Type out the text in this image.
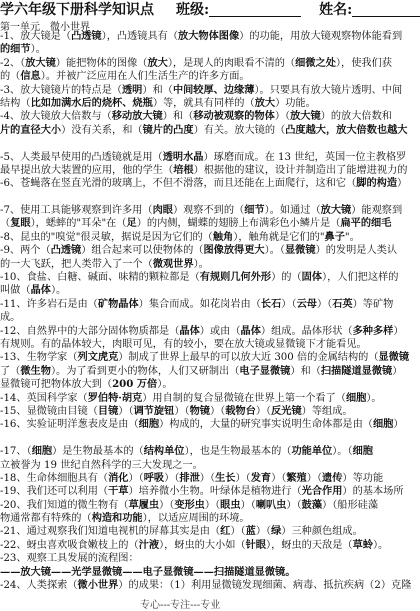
学六年级下册科学知识点 班级:	姓名:
第一单元　微小世界
-1、放大镜是（凸透镜），凸透镜具有（放大物体图像）的功能，用放大镜观察物体能看到
的细节）。
-2、（放大镜）能把物体的图像（放大），是现人的肉眼看不清的（细微之处），使我们获
的（信息）。并被广泛应用在人们生活生产的许多方面。
-3、放大镜镜片的特点是（透明）和（中间较厚、边缘薄）。只要具有放大镜片透明、中间
结构（比如加满水后的烧杯、烧瓶）等，就具有同样的（放大）功能。
-4、放大镜放大倍数与（移动放大镜）和（移动被观察的物体）（放大镜）的放大倍数和
片的直径大小）没有关系，和（镜片的凸度）有关。放大镜的（凸度越大，放大倍数也越大
-5、人类最早使用的凸透镜就是用（透明水晶）琢磨而成。在 13 世纪，英国一位主教格罗
最早提出放大装置的应用，他的学生（培根）根据他的建议，设计并制造出了能增进视力的
-6、苍蝇落在竖直光滑的玻璃上，不但不滑落，而且还能在上面爬行，这和它（脚的构造）
-7、使用工具能够观察到许多用（肉眼）观察不到的（细节）。如通过（放大镜）能观察到
（复眼），蟋蟀的"耳朵"在（足）的内侧，蝴蝶的翅膀上布满彩色小鳞片是（扁平的细毛
-8、昆虫的"嗅觉"很灵敏，据说是因为它们的（触角），触角就是它们的"鼻子"。
-9、两个（凸透镜）组合起来可以使物体的（图像放得更大）。（显微镜）的发明是人类认
的一大飞跃，把人类带入了一个（微观世界）。
-10、食盐、白糖、碱面、味精的颗粒都是（有规则几何外形）的（固体），人们把这样的
叫做（晶体）。
-11、许多岩石是由（矿物晶体）集合而成。如花岗岩由（长石）（云母）（石英）等矿物
成。
-12、自然界中的大部分固体物质都是（晶体）或由（晶体）组成。晶体形状（多种多样）
有规则。有的晶体较大，肉眼可见，有的较小，要在放大镜或显微镜下才能看见。
-13、生物学家（列文虎克）制成了世界上最早的可以放大近 300 倍的金属结构的（显微镜
了（微生物）。为了看到更小的物体，人们又研制出（电子显微镜）和（扫描隧道显微镜）
显微镜可把物体放大到（200 万倍）。
-14、英国科学家（罗伯特·胡克）用自制的复合显微镜在世界上第一个看了（细胞）。
-15、显微镜由目镜（目镜）（调节旋钮）（物镜）（载物台）（反光镜）等组成。
-16、实验证明洋葱表皮是由（细胞）构成的，大量的研究事实说明生命体都是由（细胞）
-17、（细胞）是生物最基本的（结构单位），也是生物最基本的（功能单位）。（细胞
立被誉为 19 世纪自然科学的三大发现之一。
-18、生命体细胞具有（消化）（呼吸）（排泄）（生长）（发育）（繁殖）（遗传）等功能
-19、我们还可以利用（干草）培养微小生物。叶绿体是植物进行（光合作用）的基本场所
-20、我们知道的微生物有（草履虫）（变形虫）（眼虫）（喇叭虫）（鼓藻）（船形硅藻
物通常都有特殊的（构造和功能），以适应周围的环境。
-21、通过观察我们知道电视机的屏幕其实是由（红）（蓝）（绿）三种颜色组成。
-22、蚜虫喜欢吸食嫩枝上的（汁液），蚜虫的大小如（针眼），蚜虫的天敌是（草蛉）。
-23、观察工具发展的流程图：
——放大镜——光学显微镜——电子显微镜——扫描隧道显微镜。
-24、人类探索（微小世界）的成果：（1）利用显微镜发现细菌、病毒、抵抗疾病（2）克隆
专心---专注---专业
